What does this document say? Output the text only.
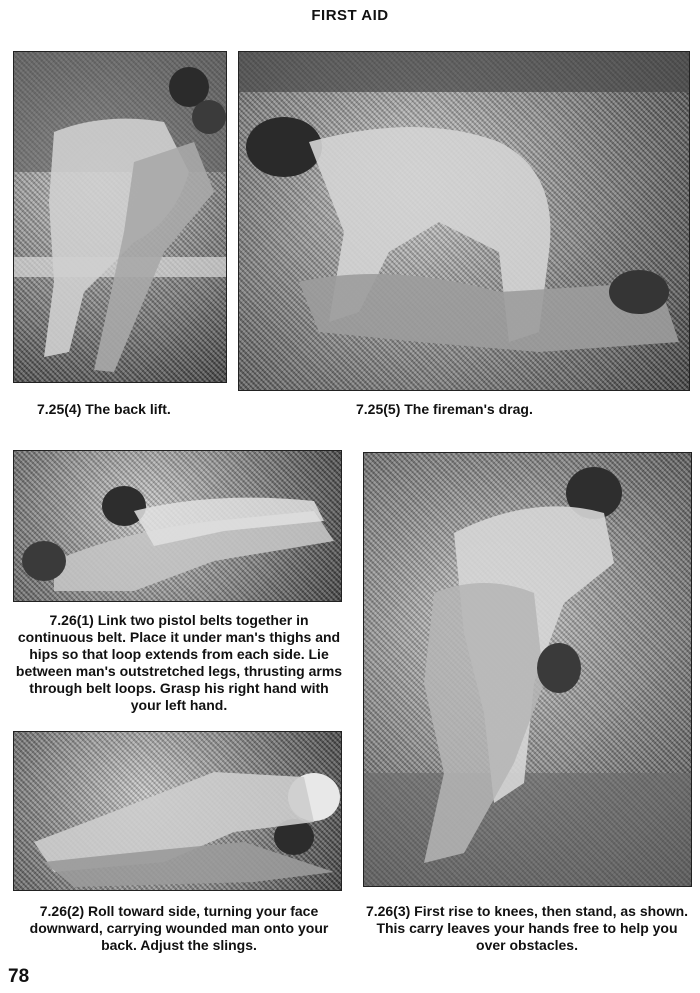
FIRST AID
7.25(4) The back lift.	7.25(5) The fireman's drag.
7.26(1) Link two pistol belts together in continuous belt. Place it under man's thighs and hips so that loop extends from each side. Lie between man's outstretched legs, thrusting arms through belt loops. Grasp his right hand with your left hand.
7.26(2) Roll toward side, turning your face downward, carrying wounded man onto your back. Adjust the slings.
7.26(3) First rise to knees, then stand, as shown. This carry leaves your hands free to help you over obstacles.
78
